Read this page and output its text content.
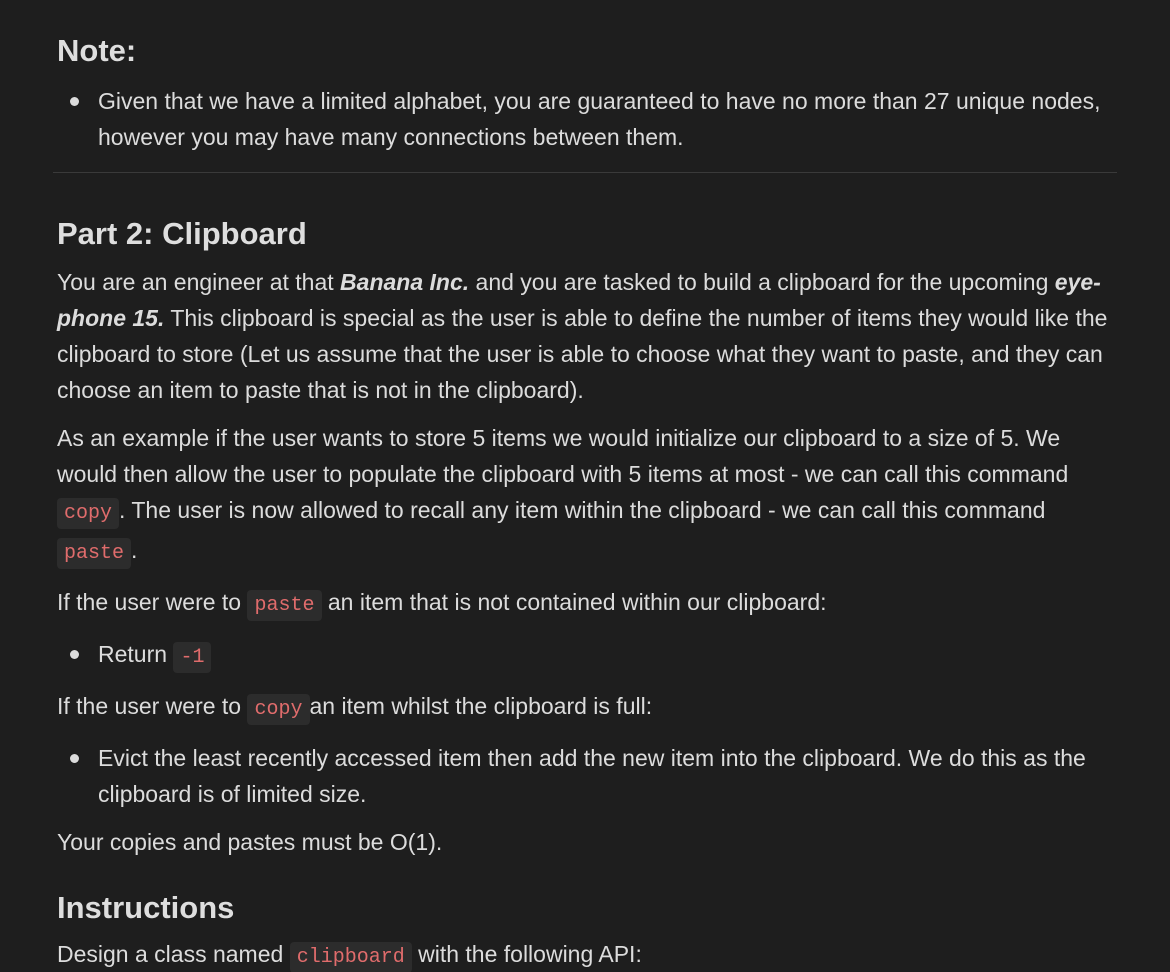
Note:
Given that we have a limited alphabet, you are guaranteed to have no more than 27 unique nodes, however you may have many connections between them.
Part 2: Clipboard

You are an engineer at that Banana Inc. and you are tasked to build a clipboard for the upcoming eye-phone 15. This clipboard is special as the user is able to define the number of items they would like the clipboard to store (Let us assume that the user is able to choose what they want to paste, and they can choose an item to paste that is not in the clipboard).

As an example if the user wants to store 5 items we would initialize our clipboard to a size of 5. We would then allow the user to populate the clipboard with 5 items at most - we can call this command copy . The user is now allowed to recall any item within the clipboard - we can call this command paste .

If the user were to paste an item that is not contained within our clipboard:

Return -1

If the user were to copy an item whilst the clipboard is full:

Evict the least recently accessed item then add the new item into the clipboard. We do this as the clipboard is of limited size.

Your copies and pastes must be O(1).

Instructions

Design a class named clipboard with the following API:
